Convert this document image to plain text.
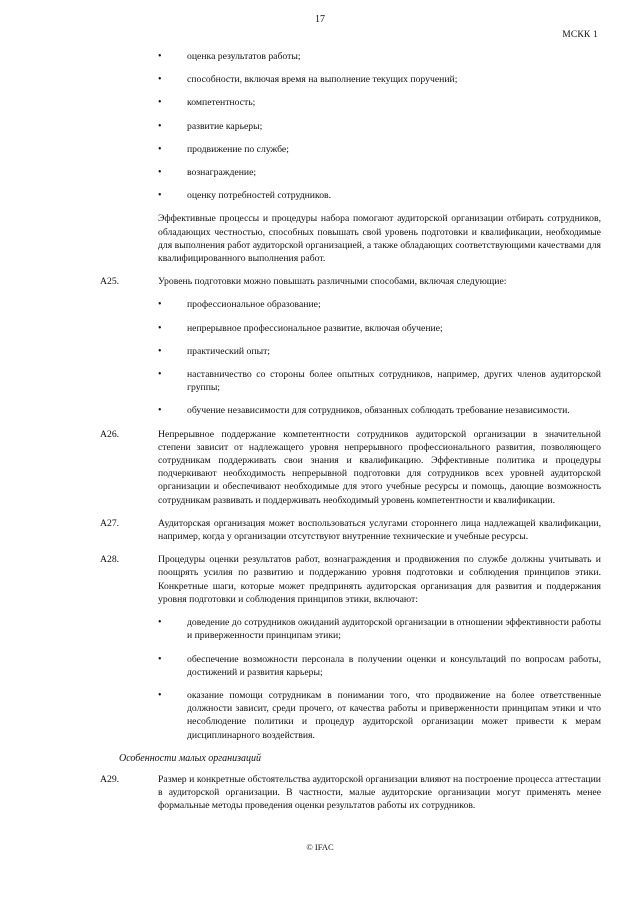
17
МСКК 1
•	оценка результатов работы;
•	способности, включая время на выполнение текущих поручений;
•	компетентность;
•	развитие карьеры;
•	продвижение по службе;
•	вознаграждение;
•	оценку потребностей сотрудников.

Эффективные процессы и процедуры набора помогают аудиторской организации отбирать сотрудников, обладающих честностью, способных повышать свой уровень подготовки и квалификации, необходимые для выполнения работ аудиторской организацией, а также обладающих соответствующими качествами для квалифицированного выполнения работ.

A25.	Уровень подготовки можно повышать различными способами, включая следующие:
•	профессиональное образование;
•	непрерывное профессиональное развитие, включая обучение;
•	практический опыт;
•	наставничество со стороны более опытных сотрудников, например, других членов аудиторской группы;
•	обучение независимости для сотрудников, обязанных соблюдать требование независимости.
A26.	Непрерывное поддержание компетентности сотрудников аудиторской организации в значительной степени зависит от надлежащего уровня непрерывного профессионального развития, позволяющего сотрудникам поддерживать свои знания и квалификацию. Эффективные политика и процедуры подчеркивают необходимость непрерывной подготовки для сотрудников всех уровней аудиторской организации и обеспечивают необходимые для этого учебные ресурсы и помощь, дающие возможность сотрудникам развивать и поддерживать необходимый уровень компетентности и квалификации.
A27.	Аудиторская организация может воспользоваться услугами стороннего лица надлежащей квалификации, например, когда у организации отсутствуют внутренние технические и учебные ресурсы.
A28.	Процедуры оценки результатов работ, вознаграждения и продвижения по службе должны учитывать и поощрять усилия по развитию и поддержанию уровня подготовки и соблюдения принципов этики. Конкретные шаги, которые может предпринять аудиторская организация для развития и поддержания уровня подготовки и соблюдения принципов этики, включают:
•	доведение до сотрудников ожиданий аудиторской организации в отношении эффективности работы и приверженности принципам этики;
•	обеспечение возможности персонала в получении оценки и консультаций по вопросам работы, достижений и развития карьеры;
•	оказание помощи сотрудникам в понимании того, что продвижение на более ответственные должности зависит, среди прочего, от качества работы и приверженности принципам этики и что несоблюдение политики и процедур аудиторской организации может привести к мерам дисциплинарного воздействия.
Особенности малых организаций
A29.	Размер и конкретные обстоятельства аудиторской организации влияют на построение процесса аттестации в аудиторской организации. В частности, малые аудиторские организации могут применять менее формальные методы проведения оценки результатов работы их сотрудников.
© IFAC
